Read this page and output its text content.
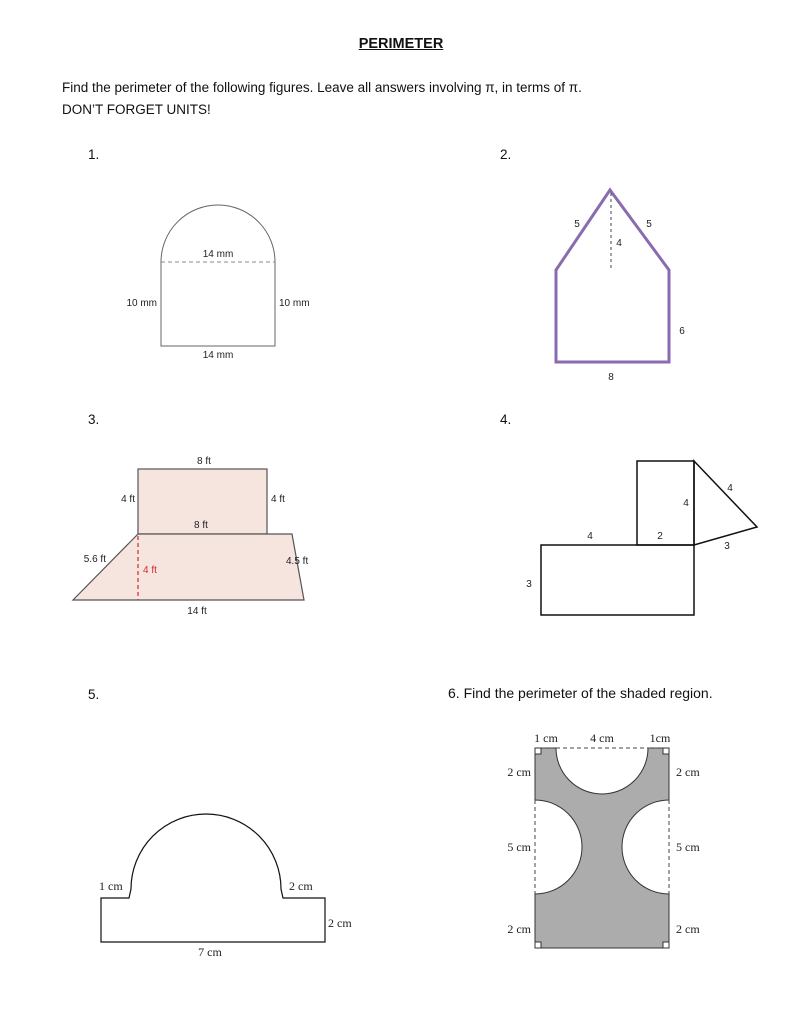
PERIMETER
Find the perimeter of the following figures. Leave all answers involving π, in terms of π.
DON’T FORGET UNITS!
1.	2.
3.	4.
5.	6. Find the perimeter of the shaded region.
14 mm
10 mm	10 mm
14 mm
5	5
4
6
8
8 ft
4 ft	4 ft
8 ft
5.6 ft
4 ft
4.5 ft
14 ft
4
4
4	2
3
3
1 cm	2 cm
2 cm
7 cm
1 cm	4 cm	1cm
2 cm
5 cm
2 cm
2 cm
5 cm
2 cm
